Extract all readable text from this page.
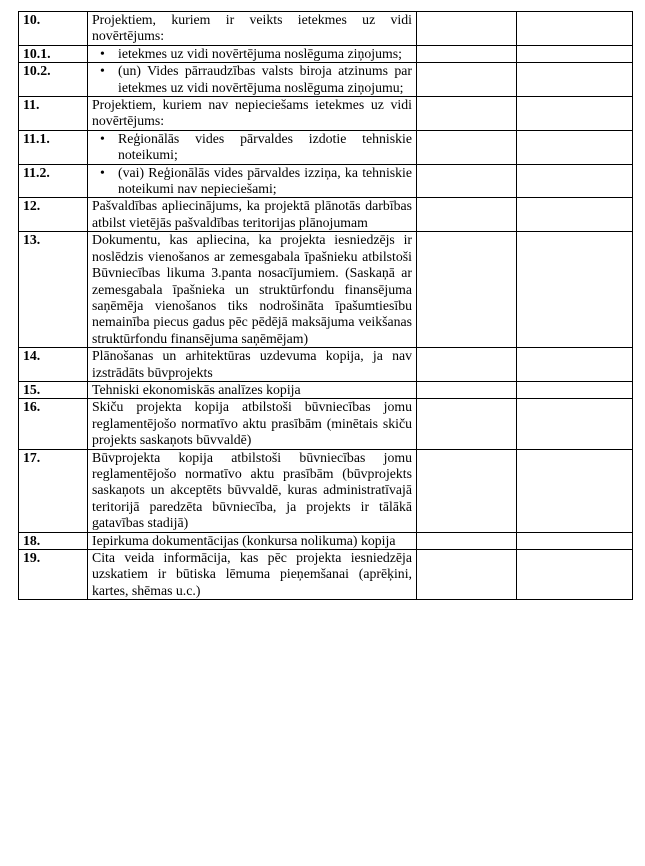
10.	Projektiem, kuriem ir veikts ietekmes uz vidi novērtējums:		
10.1.	• ietekmes uz vidi novērtējuma noslēguma ziņojums;		

10.2.	• (un) Vides pārraudzības valsts biroja atzinums par ietekmes uz vidi novērtējuma noslēguma ziņojumu;		

11.	Projektiem, kuriem nav nepieciešams ietekmes uz vidi novērtējums:		
11.1.	• Reģionālās vides pārvaldes izdotie tehniskie noteikumi;		

11.2.	• (vai) Reģionālās vides pārvaldes izziņa, ka tehniskie noteikumi nav nepieciešami;		

12.	Pašvaldības apliecinājums, ka projektā plānotās darbības atbilst vietējās pašvaldības teritorijas plānojumam		
13.	Dokumentu, kas apliecina, ka projekta iesniedzējs ir noslēdzis vienošanos ar zemesgabala īpašnieku atbilstoši Būvniecības likuma 3.panta nosacījumiem. (Saskaņā ar zemesgabala īpašnieka un struktūrfondu finansējuma saņēmēja vienošanos tiks nodrošināta īpašumtiesību nemainība piecus gadus pēc pēdējā maksājuma veikšanas struktūrfondu finansējuma saņēmējam)		
14.	Plānošanas un arhitektūras uzdevuma kopija, ja nav izstrādāts būvprojekts		
15.	Tehniski ekonomiskās analīzes kopija		
16.	Skiču projekta kopija atbilstoši būvniecības jomu reglamentējošo normatīvo aktu prasībām (minētais skiču projekts saskaņots būvvaldē)		
17.	Būvprojekta kopija atbilstoši būvniecības jomu reglamentējošo normatīvo aktu prasībām (būvprojekts saskaņots un akceptēts būvvaldē, kuras administratīvajā teritorijā paredzēta būvniecība, ja projekts ir tālākā gatavības stadijā)		
18.	Iepirkuma dokumentācijas (konkursa nolikuma) kopija		
19.	Cita veida informācija, kas pēc projekta iesniedzēja uzskatiem ir būtiska lēmuma pieņemšanai (aprēķini, kartes, shēmas u.c.)		
